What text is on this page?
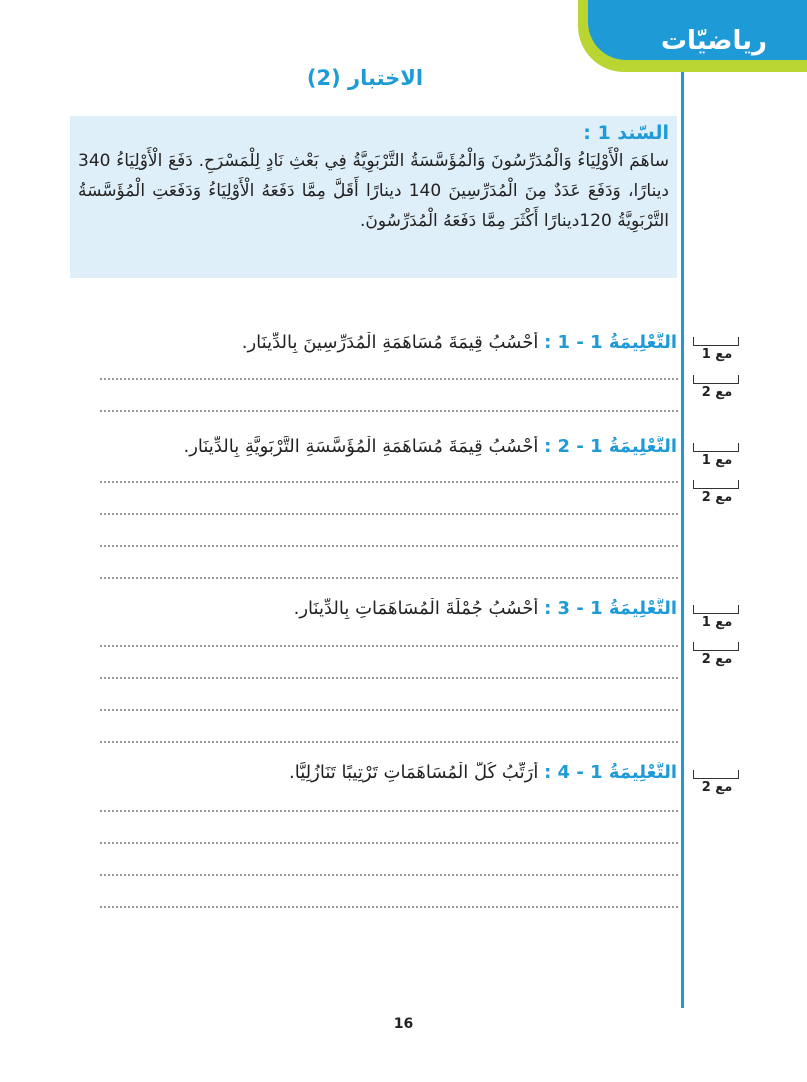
رياضيّات
الاختبار (2)
السّند 1 :
ساهَمَ الْأَوْلِيَاءُ وَالْمُدَرِّسُونَ وَالْمُؤَسَّسَةُ التَّرْبَوِيَّةُ فِي بَعْثِ نَادٍ لِلْمَسْرَحِ. دَفَعَ الْأَوْلِيَاءُ 340 دينارًا، وَدَفَعَ عَدَدٌ مِنَ الْمُدَرِّسِينَ 140 دينارًا أَقَلَّ مِمَّا دَفَعَهُ الْأَوْلِيَاءُ وَدَفَعَتِ الْمُؤَسَّسَةُ التَّرْبَوِيَّةُ 120دينارًا أَكْثَرَ مِمَّا دَفَعَهُ الْمُدَرِّسُونَ.
التَّعْلِيمَةُ 1 - 1 : أَحْسُبُ قِيمَةَ مُسَاهَمَةِ الْمُدَرِّسِينَ بِالدِّينَارِ.
التَّعْلِيمَةُ 1 - 2 : أَحْسُبُ قِيمَةَ مُسَاهَمَةِ الْمُؤَسَّسَةِ التَّرْبَوِيَّةِ بِالدِّينَارِ.
التَّعْلِيمَةُ 1 - 3 : أَحْسُبُ جُمْلَةَ الْمُسَاهَمَاتِ بِالدِّينَارِ.
التَّعْلِيمَةُ 1 - 4 : أُرَتِّبُ كُلَّ الْمُسَاهَمَاتِ تَرْتِيبًا تَنَازُلِيًّا.
مع 1
مع 2
مع 1
مع 2
مع 1
مع 2
مع 2
16
